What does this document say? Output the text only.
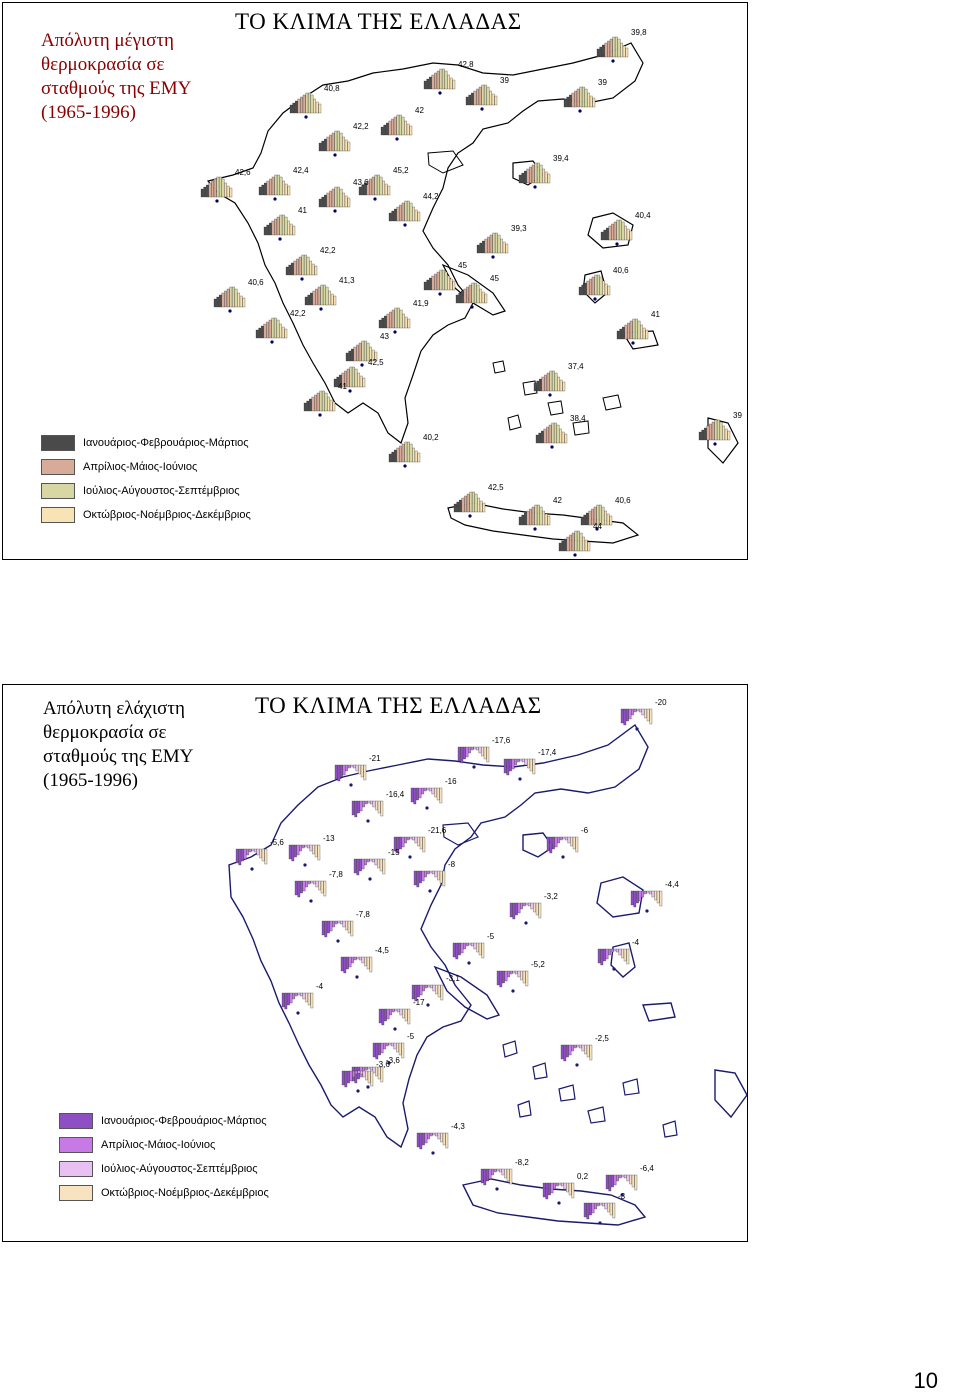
Απόλυτη μέγιστη θερμοκρασία σε σταθμούς της ΕΜΥ (1965-1996)
ΤΟ ΚΛΙΜΑ ΤΗΣ ΕΛΛΑΔΑΣ
42,8
39,8
39	39
40,8
42
42,2
42,4	45,2
42,6
43,6
39,4
44,2
41
39,3
40,4
42,2
45
45
41,3
40,6
40,6
41,9
42,2
43
41
42,5	37,4
41
39
40,2
38,4
42,5
42	40,6
44
Ιανουάριος-Φεβρουάριος-Μάρτιος
Απρίλιος-Μάιος-Ιούνιος
Ιούλιος-Αύγουστος-Σεπτέμβριος
Οκτώβριος-Νοέμβριος-Δεκέμβριος
Απόλυτη ελάχιστη θερμοκρασία σε σταθμούς της ΕΜΥ (1965-1996)
ΤΟ ΚΛΙΜΑ ΤΗΣ ΕΛΛΑΔΑΣ	-20
-17,6
-17,4
-21
-16
-16,4
-6
-21,6
-13
-5,6
-15
-8
-7,8
-3,2
-4,4
-7,8
-4,5
-5
-4
-5,2
-4
-3,1
-17
-3,6
-5	-2,5
-3,6
-4,3
-8,2
0,2
-6,4
-3
Ιανουάριος-Φεβρουάριος-Μάρτιος
Απρίλιος-Μάιος-Ιούνιος
Ιούλιος-Αύγουστος-Σεπτέμβριος
Οκτώβριος-Νοέμβριος-Δεκέμβριος
10
